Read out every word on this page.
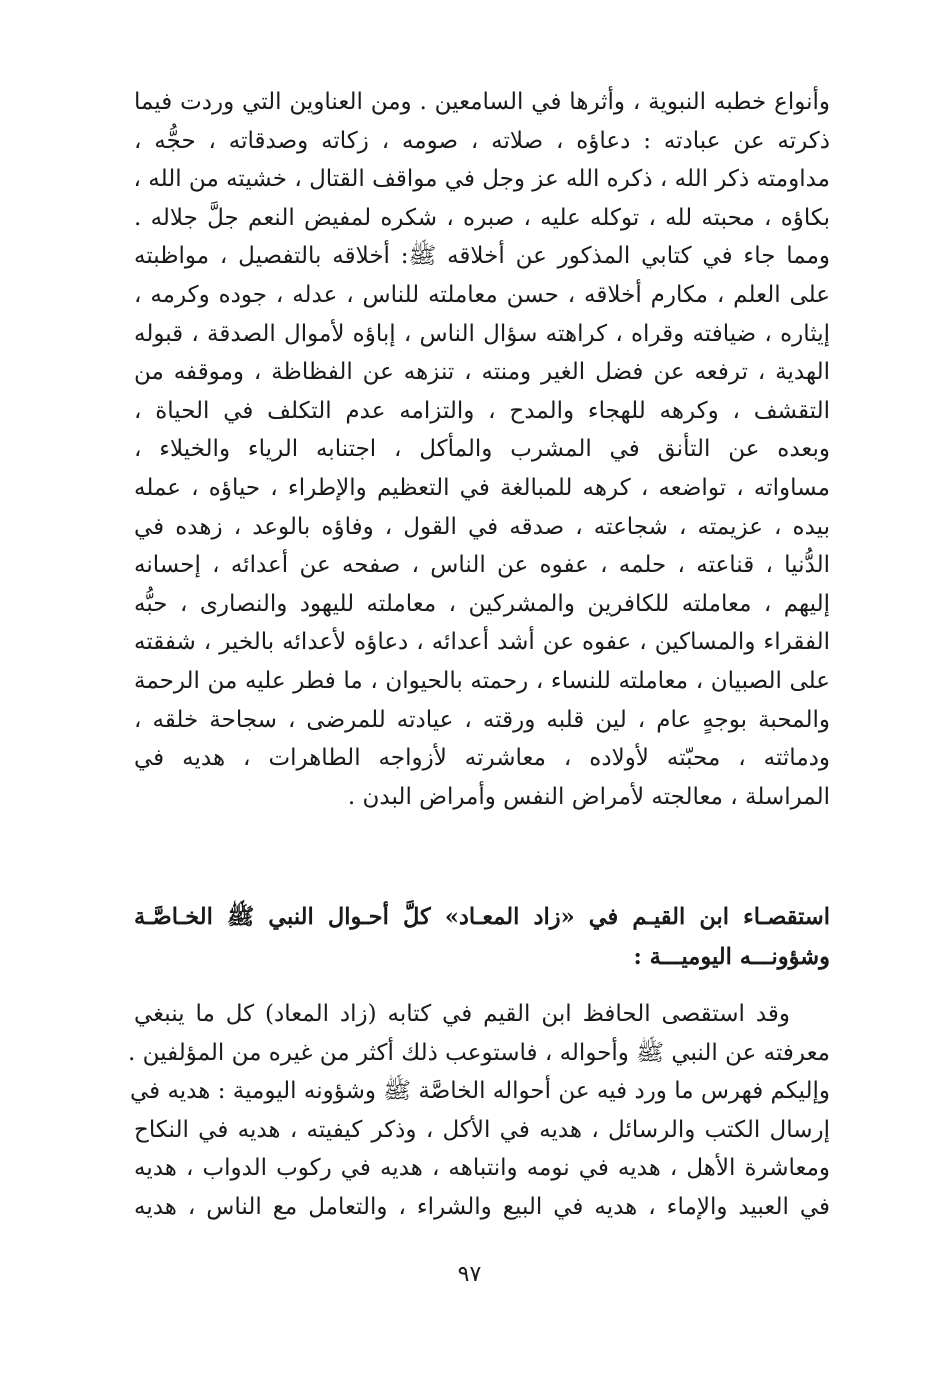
وأنواع خطبه النبوية ، وأثرها في السامعين . ومن العناوين التي وردت فيما
ذكرته عن عبادته : دعاؤه ، صلاته ، صومه ، زكاته وصدقاته ، حجُّه ،
مداومته ذكر الله ، ذكره الله عز وجل في مواقف القتال ، خشيته من الله ،
بكاؤه ، محبته لله ، توكله عليه ، صبره ، شكره لمفيض النعم جلَّ جلاله .
ومما جاء في كتابي المذكور عن أخلاقه ﷺ: أخلاقه بالتفصيل ، مواظبته
على العلم ، مكارم أخلاقه ، حسن معاملته للناس ، عدله ، جوده وكرمه ،
إيثاره ، ضيافته وقراه ، كراهته سؤال الناس ، إباؤه لأموال الصدقة ، قبوله
الهدية ، ترفعه عن فضل الغير ومنته ، تنزهه عن الفظاظة ، وموقفه من
التقشف ، وكرهه للهجاء والمدح ، والتزامه عدم التكلف في الحياة ،
وبعده عن التأنق في المشرب والمأكل ، اجتنابه الرياء والخيلاء ،
مساواته ، تواضعه ، كرهه للمبالغة في التعظيم والإطراء ، حياؤه ، عمله
بيده ، عزيمته ، شجاعته ، صدقه في القول ، وفاؤه بالوعد ، زهده في
الدُّنيا ، قناعته ، حلمه ، عفوه عن الناس ، صفحه عن أعدائه ، إحسانه
إليهم ، معاملته للكافرين والمشركين ، معاملته لليهود والنصارى ، حبُّه
الفقراء والمساكين ، عفوه عن أشد أعدائه ، دعاؤه لأعدائه بالخير ، شفقته
على الصبيان ، معاملته للنساء ، رحمته بالحيوان ، ما فطر عليه من الرحمة
والمحبة بوجهٍ عام ، لين قلبه ورقته ، عيادته للمرضى ، سجاحة خلقه ،
ودماثته ، محبّته لأولاده ، معاشرته لأزواجه الطاهرات ، هديه في
المراسلة ، معالجته لأمراض النفس وأمراض البدن .
استقصـاء ابن القيـم في «زاد المعـاد» كلَّ أحـوال النبي ﷺ الخـاصَّـة
وشؤونـــه اليوميـــة :
وقد استقصى الحافظ ابن القيم في كتابه (زاد المعاد) كل ما ينبغي
معرفته عن النبي ﷺ وأحواله ، فاستوعب ذلك أكثر من غيره من المؤلفين .
وإليكم فهرس ما ورد فيه عن أحواله الخاصَّة ﷺ وشؤونه اليومية : هديه في
إرسال الكتب والرسائل ، هديه في الأكل ، وذكر كيفيته ، هديه في النكاح
ومعاشرة الأهل ، هديه في نومه وانتباهه ، هديه في ركوب الدواب ، هديه
في العبيد والإماء ، هديه في البيع والشراء ، والتعامل مع الناس ، هديه
٩٧
